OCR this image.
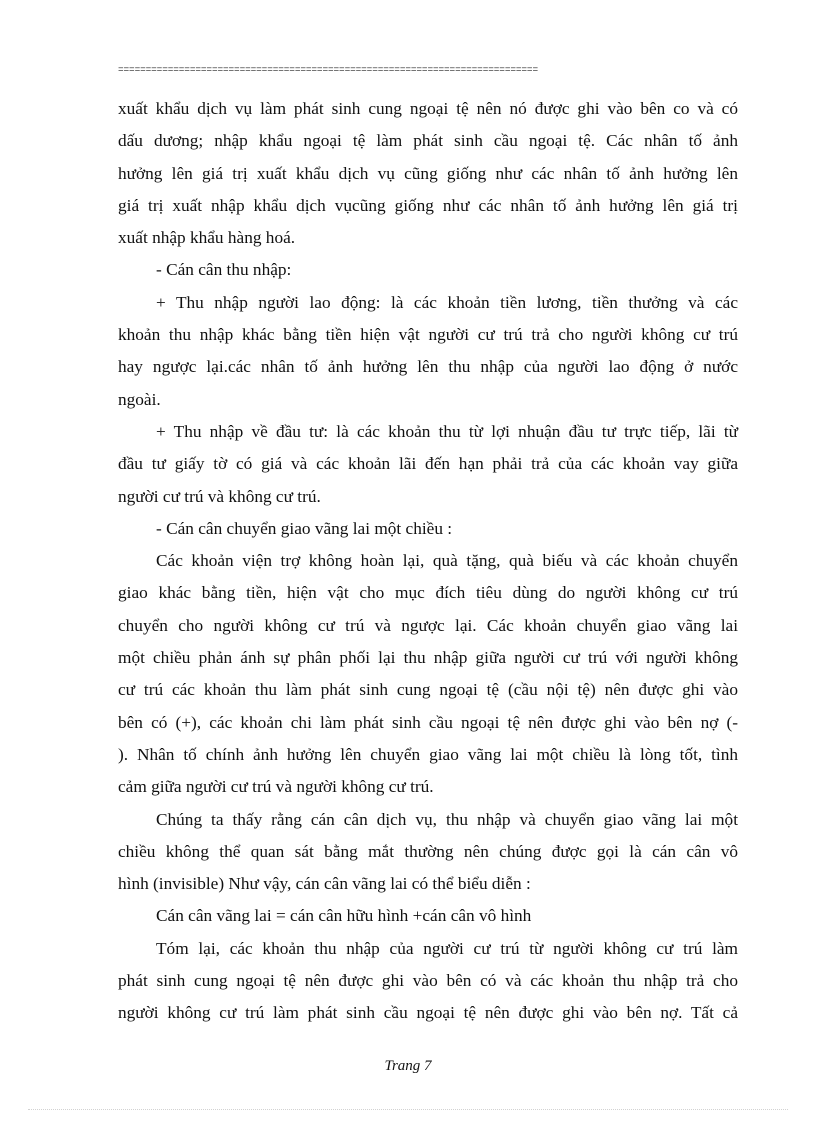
============================================================================
xuất khẩu dịch vụ làm phát sinh cung ngoại tệ nên nó được ghi vào bên co và có
dấu dương; nhập khẩu ngoại tệ làm phát sinh cầu ngoại tệ. Các nhân tố ảnh
hưởng lên giá trị xuất khẩu dịch vụ cũng giống như các nhân tố ảnh hưởng lên
giá trị xuất nhập khẩu dịch vụcũng giống như các nhân tố ảnh hưởng lên giá trị
xuất nhập khẩu hàng hoá.
- Cán cân thu nhập:
+ Thu nhập người lao động: là các khoản tiền lương, tiền thưởng và các
khoản thu nhập khác bằng tiền hiện vật người cư trú trả cho người không cư trú
hay ngược lại.các nhân tố ảnh hưởng lên thu nhập của người lao động ở nước
ngoài.
+ Thu nhập về đầu tư: là các khoản thu từ lợi nhuận đầu tư trực tiếp, lãi từ
đầu tư giấy tờ có giá và các khoản lãi đến hạn phải trả của các khoản vay giữa
người cư trú và không cư trú.
- Cán cân chuyển giao vãng lai một chiều :
Các khoản viện trợ không hoàn lại, quà tặng, quà biếu và các khoản chuyển
giao khác bằng tiền, hiện vật cho mục đích tiêu dùng do người không cư trú
chuyển cho người không cư trú và ngược lại. Các khoản chuyển giao vãng lai
một chiều phản ánh sự phân phối lại thu nhập giữa người cư trú với người không
cư trú các khoản thu làm phát sinh cung ngoại tệ (cầu nội tệ) nên được ghi vào
bên có (+), các khoản chi làm phát sinh cầu ngoại tệ nên được ghi vào bên nợ (-
). Nhân tố chính ảnh hưởng lên chuyển giao vãng lai một chiều là lòng tốt, tình
cảm giữa người cư trú và người không cư trú.
Chúng ta thấy rằng cán cân dịch vụ, thu nhập và chuyển giao vãng lai một
chiều không thể quan sát bằng mắt thường nên chúng được gọi là cán cân vô
hình (invisible) Như vậy, cán cân vãng lai có thể biểu diễn :
Cán cân vãng lai = cán cân hữu hình +cán cân vô hình
Tóm lại, các khoản thu nhập của người cư trú từ người không cư trú làm
phát sinh cung ngoại tệ nên được ghi vào bên có và các khoản thu nhập trả cho
người không cư trú làm phát sinh cầu ngoại tệ nên được ghi vào bên nợ. Tất cả
Trang 7
